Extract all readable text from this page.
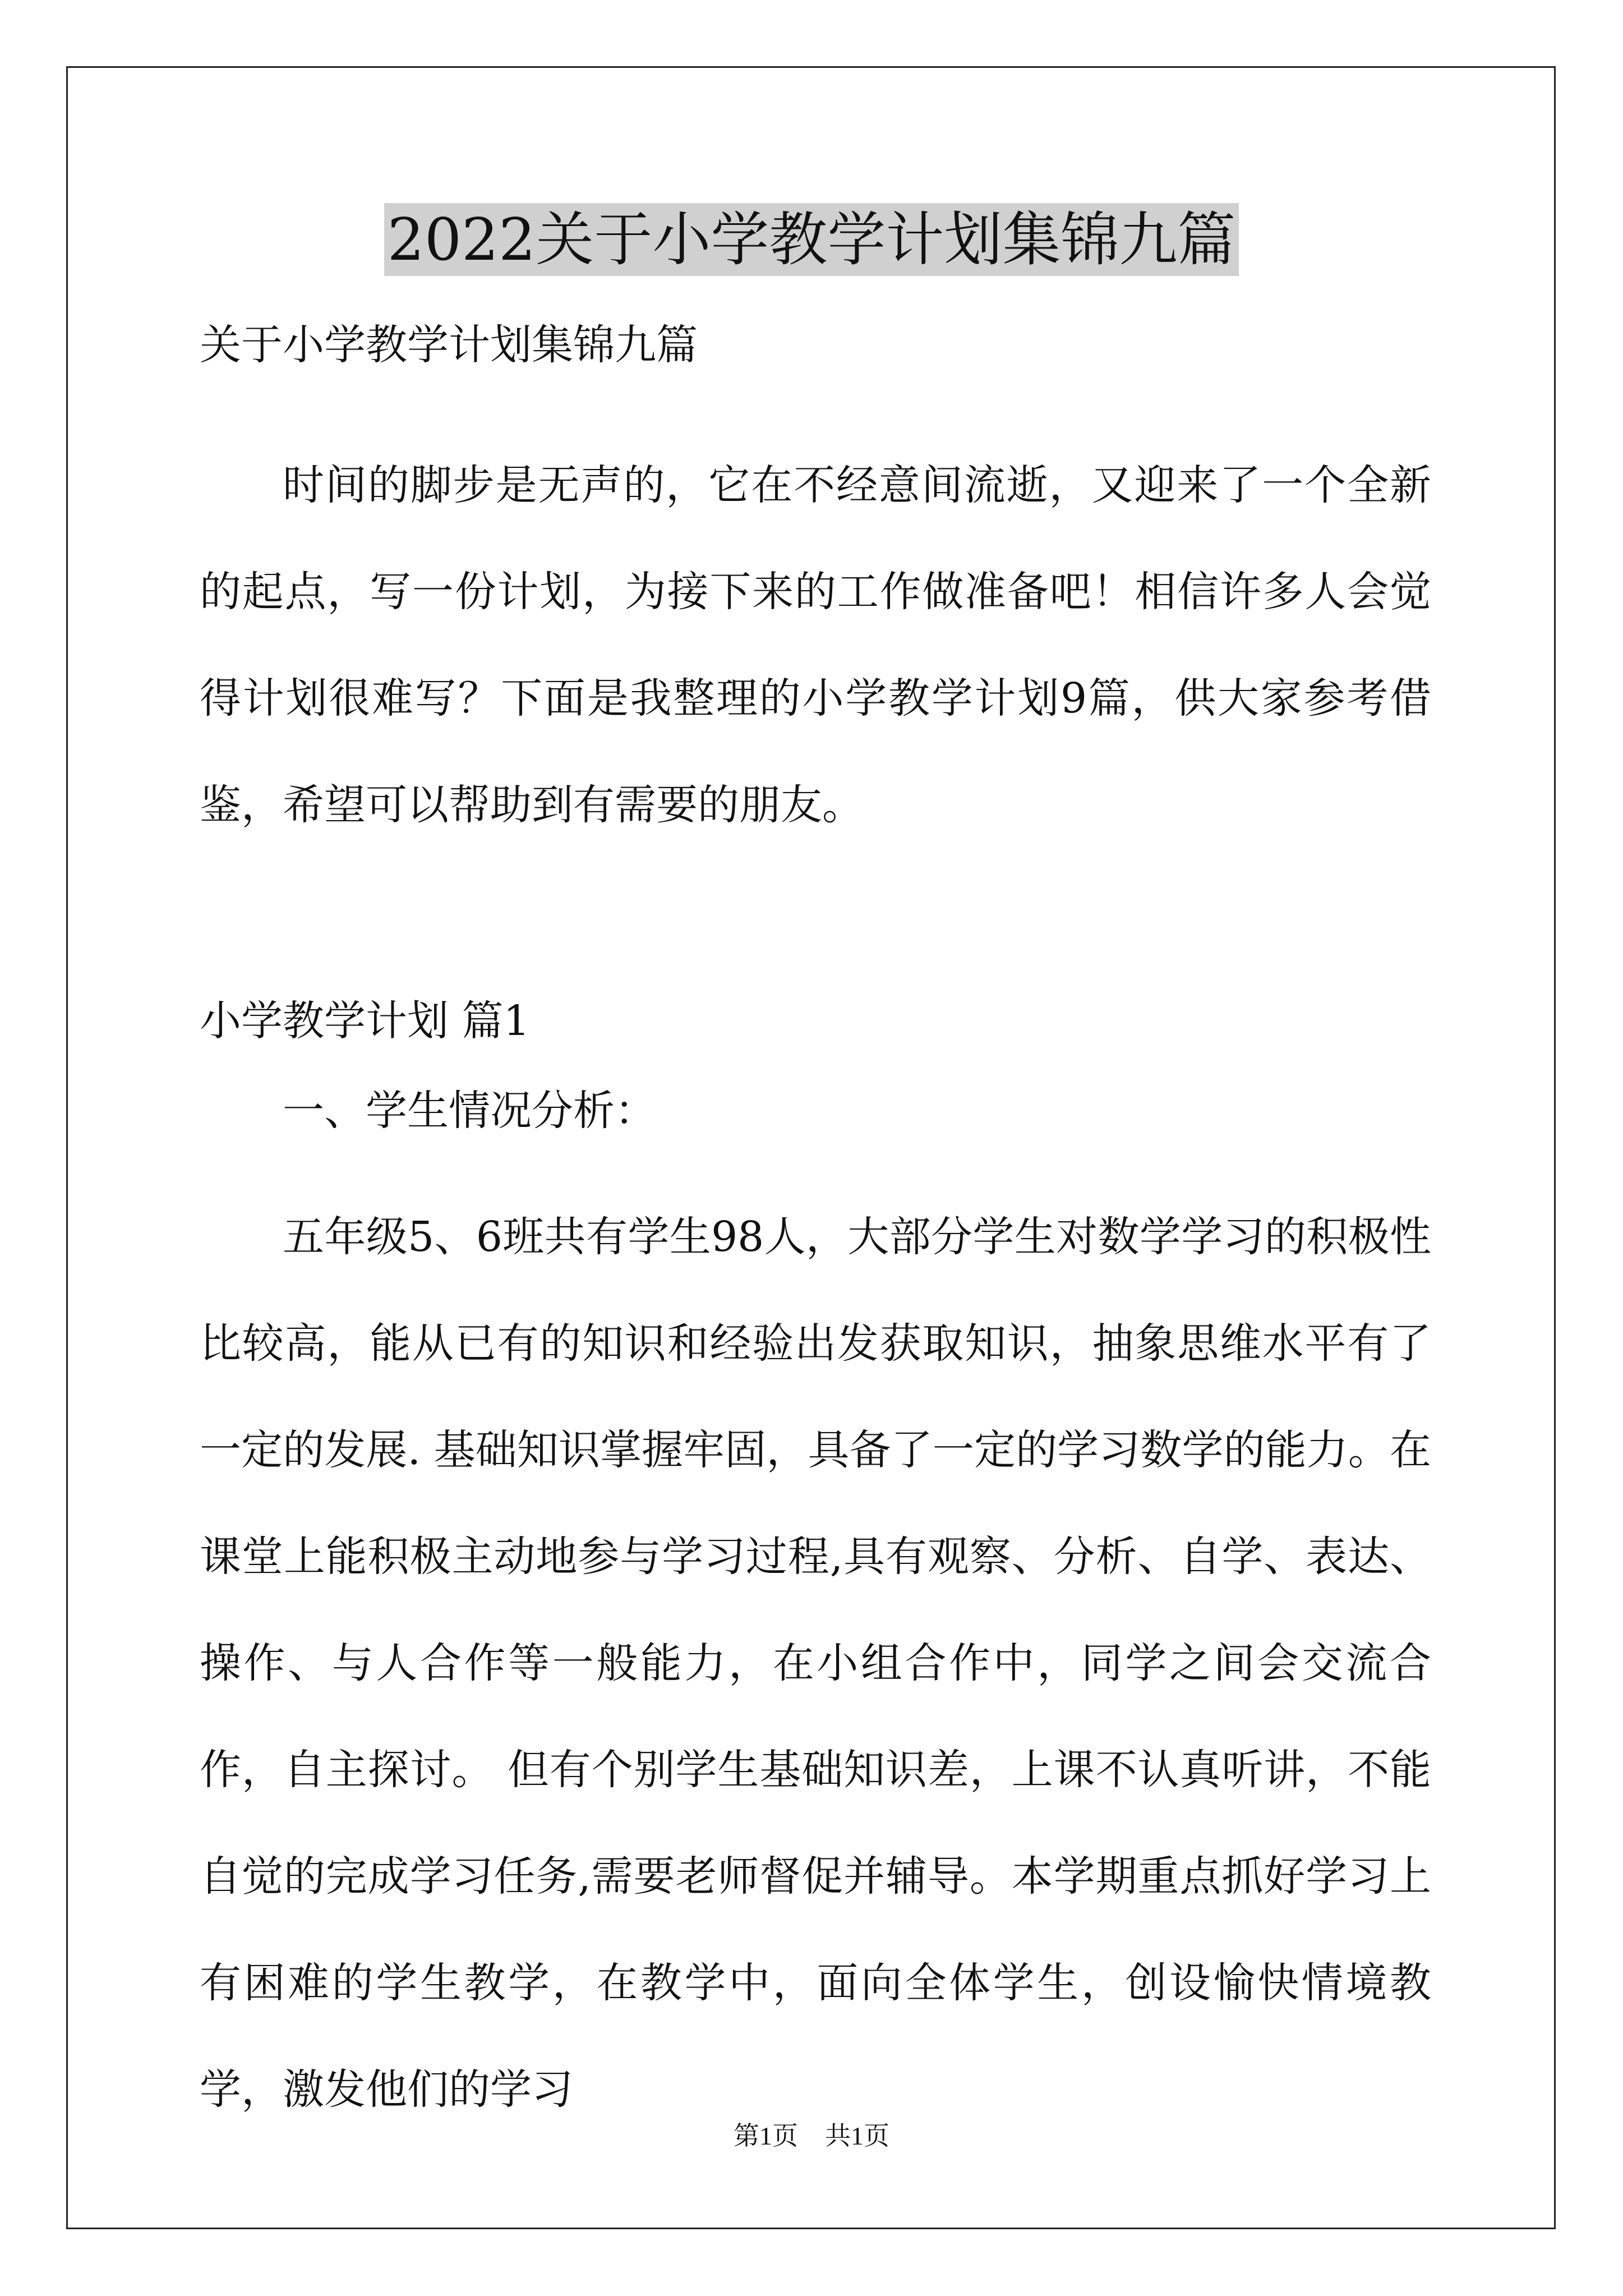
2022关于小学教学计划集锦九篇

关于小学教学计划集锦九篇

时间的脚步是无声的，它在不经意间流逝，又迎来了一个全新的起点，写一份计划，为接下来的工作做准备吧！相信许多人会觉得计划很难写？下面是我整理的小学教学计划9篇，供大家参考借鉴，希望可以帮助到有需要的朋友。

小学教学计划 篇1

一、学生情况分析：

五年级5、6班共有学生98人，大部分学生对数学学习的积极性比较高，能从已有的知识和经验出发获取知识，抽象思维水平有了一定的发展. 基础知识掌握牢固，具备了一定的学习数学的能力。在课堂上能积极主动地参与学习过程,具有观察、分析、自学、表达、操作、与人合作等一般能力，在小组合作中，同学之间会交流合作，自主探讨。 但有个别学生基础知识差，上课不认真听讲，不能自觉的完成学习任务,需要老师督促并辅导。本学期重点抓好学习上有困难的学生教学，在教学中，面向全体学生，创设愉快情境教学，激发他们的学习

第1页 共1页
